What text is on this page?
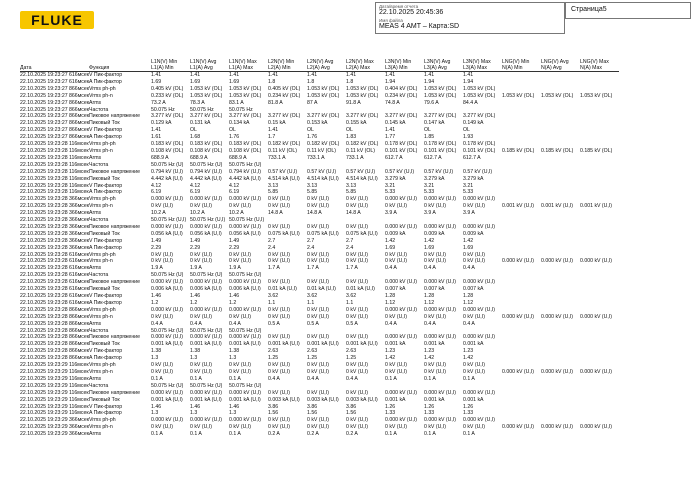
FLUKE
Дата/время отчета
22.10.2025 20:45:36
Имя файла
MEAS 4 AMT – Карта:SD
Страница5
Дата	Функция	L1N(V) Min L1(A) Min	L1N(V) Avg L1(A) Avg	L1N(V) Max L1(A) Max	L2N(V) Min L2(A) Min	L2N(V) Avg L2(A) Avg	L2N(V) Max L2(A) Max	L3N(V) Min L3(A) Min	L3N(V) Avg L3(A) Avg	L3N(V) Max L3(A) Max	LNG(V) Min N(A) Min	LNG(V) Avg N(A) Avg	LNG(V) Max N(A) Max
22.10.2025 19:23:27 616мсек	V Пик-фактор	1.41	1.41	1.41	1.41	1.41	1.41	1.41	1.41	1.41			
22.10.2025 19:23:27 616мсек	A Пик-фактор	1.69	1.69	1.69	1.8	1.8	1.8	1.94	1.94	1.94			
22.10.2025 19:23:27 866мсек	Vrms ph-ph	0.405 kV (OL)	1.053 kV (OL)	1.053 kV (OL)	0.405 kV (OL)	1.053 kV (OL)	1.053 kV (OL)	0.404 kV (OL)	1.053 kV (OL)	1.053 kV (OL)			
22.10.2025 19:23:27 866мсек	Vrms ph-n	0.233 kV (OL)	1.053 kV (OL)	1.053 kV (OL)	0.234 kV (OL)	1.053 kV (OL)	1.053 kV (OL)	0.234 kV (OL)	1.053 kV (OL)	1.053 kV (OL)	1.053 kV (OL)	1.053 kV (OL)	1.053 kV (OL)
22.10.2025 19:23:27 866мсек	Arms	73.2 A	78.3 A	83.1 A	81.8 A	87 A	91.8 A	74.8 A	79.6 A	84.4 A			
22.10.2025 19:23:27 866мсек	Частота	50.075 Hz	50.075 Hz	50.075 Hz									
22.10.2025 19:23:27 866мсек	Пиковое напряжение	3.277 kV (OL)	3.277 kV (OL)	3.277 kV (OL)	3.277 kV (OL)	3.277 kV (OL)	3.277 kV (OL)	3.277 kV (OL)	3.277 kV (OL)	3.277 kV (OL)			
22.10.2025 19:23:27 866мсек	Пиковый Ток	0.129 kA	0.131 kA	0.134 kA	0.15 kA	0.153 kA	0.155 kA	0.145 kA	0.147 kA	0.149 kA			
22.10.2025 19:23:27 866мсек	V Пик-фактор	1.41	OL	OL	1.41	OL	OL	1.41	OL	OL			
22.10.2025 19:23:27 866мсек	A Пик-фактор	1.61	1.68	1.76	1.7	1.76	1.83	1.77	1.85	1.93			
22.10.2025 19:23:28 116мсек	Vrms ph-ph	0.183 kV (OL)	0.183 kV (OL)	0.183 kV (OL)	0.182 kV (OL)	0.182 kV (OL)	0.182 kV (OL)	0.178 kV (OL)	0.178 kV (OL)	0.178 kV (OL)			
22.10.2025 19:23:28 116мсек	Vrms ph-n	0.108 kV (OL)	0.108 kV (OL)	0.108 kV (OL)	0.11 kV (OL)	0.11 kV (OL)	0.11 kV (OL)	0.101 kV (OL)	0.101 kV (OL)	0.101 kV (OL)	0.185 kV (OL)	0.185 kV (OL)	0.185 kV (OL)
22.10.2025 19:23:28 116мсек	Arms	688.9 A	688.9 A	688.9 A	733.1 A	733.1 A	733.1 A	612.7 A	612.7 A	612.7 A			
22.10.2025 19:23:28 116мсек	Частота	50.075 Hz (U)	50.075 Hz (U)	50.075 Hz (U)									
22.10.2025 19:23:28 116мсек	Пиковое напряжение	0.794 kV (U,I)	0.794 kV (U,I)	0.794 kV (U,I)	0.57 kV (U,I)	0.57 kV (U,I)	0.57 kV (U,I)	0.57 kV (U,I)	0.57 kV (U,I)	0.57 kV (U,I)			
22.10.2025 19:23:28 116мсек	Пиковый Ток	4.442 kA (U,I)	4.442 kA (U,I)	4.442 kA (U,I)	4.514 kA (U,I)	4.514 kA (U,I)	4.514 kA (U,I)	3.279 kA	3.279 kA	3.279 kA			
22.10.2025 19:23:28 116мсек	V Пик-фактор	4.12	4.12	4.12	3.13	3.13	3.13	3.21	3.21	3.21			
22.10.2025 19:23:28 116мсек	A Пик-фактор	6.19	6.19	6.19	5.85	5.85	5.85	5.33	5.33	5.33			
22.10.2025 19:23:28 366мсек	Vrms ph-ph	0.000 kV (U,I)	0.000 kV (U,I)	0.000 kV (U,I)	0 kV (U,I)	0 kV (U,I)	0 kV (U,I)	0.000 kV (U,I)	0.000 kV (U,I)	0.000 kV (U,I)			
22.10.2025 19:23:28 366мсек	Vrms ph-n	0 kV (U,I)	0 kV (U,I)	0 kV (U,I)	0 kV (U,I)	0 kV (U,I)	0 kV (U,I)	0 kV (U,I)	0 kV (U,I)	0 kV (U,I)	0.001 kV (U,I)	0.001 kV (U,I)	0.001 kV (U,I)
22.10.2025 19:23:28 366мсек	Arms	10.2 A	10.2 A	10.2 A	14.8 A	14.8 A	14.8 A	3.9 A	3.9 A	3.9 A			
22.10.2025 19:23:28 366мсек	Частота	50.075 Hz (U,I)	50.075 Hz (U,I)	50.075 Hz (U,I)									
22.10.2025 19:23:28 366мсек	Пиковое напряжение	0.000 kV (U,I)	0.000 kV (U,I)	0.000 kV (U,I)	0 kV (U,I)	0 kV (U,I)	0 kV (U,I)	0.000 kV (U,I)	0.000 kV (U,I)	0.000 kV (U,I)			
22.10.2025 19:23:28 366мсек	Пиковый Ток	0.056 kA (U,I)	0.056 kA (U,I)	0.056 kA (U,I)	0.075 kA (U,I)	0.075 kA (U,I)	0.075 kA (U,I)	0.009 kA	0.009 kA	0.009 kA			
22.10.2025 19:23:28 366мсек	V Пик-фактор	1.49	1.49	1.49	2.7	2.7	2.7	1.42	1.42	1.42			
22.10.2025 19:23:28 366мсек	A Пик-фактор	2.29	2.29	2.29	2.4	2.4	2.4	1.69	1.69	1.69			
22.10.2025 19:23:28 616мсек	Vrms ph-ph	0 kV (U,I)	0 kV (U,I)	0 kV (U,I)	0 kV (U,I)	0 kV (U,I)	0 kV (U,I)	0 kV (U,I)	0 kV (U,I)	0 kV (U,I)			
22.10.2025 19:23:28 616мсек	Vrms ph-n	0 kV (U,I)	0 kV (U,I)	0 kV (U,I)	0 kV (U,I)	0 kV (U,I)	0 kV (U,I)	0 kV (U,I)	0 kV (U,I)	0 kV (U,I)	0.000 kV (U,I)	0.000 kV (U,I)	0.000 kV (U,I)
22.10.2025 19:23:28 616мсек	Arms	1.9 A	1.9 A	1.9 A	1.7 A	1.7 A	1.7 A	0.4 A	0.4 A	0.4 A			
22.10.2025 19:23:28 616мсек	Частота	50.075 Hz (U)	50.075 Hz (U)	50.075 Hz (U)									
22.10.2025 19:23:28 616мсек	Пиковое напряжение	0.000 kV (U,I)	0.000 kV (U,I)	0.000 kV (U,I)	0 kV (U,I)	0 kV (U,I)	0 kV (U,I)	0.000 kV (U,I)	0.000 kV (U,I)	0.000 kV (U,I)			
22.10.2025 19:23:28 616мсек	Пиковый Ток	0.006 kA (U,I)	0.006 kA (U,I)	0.006 kA (U,I)	0.01 kA (U,I)	0.01 kA (U,I)	0.01 kA (U,I)	0.007 kA	0.007 kA	0.007 kA			
22.10.2025 19:23:28 616мсек	V Пик-фактор	1.46	1.46	1.46	3.62	3.62	3.62	1.28	1.28	1.28			
22.10.2025 19:23:28 616мсек	A Пик-фактор	1.2	1.2	1.2	1.1	1.1	1.1	1.12	1.12	1.12			
22.10.2025 19:23:28 866мсек	Vrms ph-ph	0.000 kV (U,I)	0.000 kV (U,I)	0.000 kV (U,I)	0 kV (U,I)	0 kV (U,I)	0 kV (U,I)	0.000 kV (U,I)	0.000 kV (U,I)	0.000 kV (U,I)			
22.10.2025 19:23:28 866мсек	Vrms ph-n	0 kV (U,I)	0 kV (U,I)	0 kV (U,I)	0 kV (U,I)	0 kV (U,I)	0 kV (U,I)	0 kV (U,I)	0 kV (U,I)	0 kV (U,I)	0.000 kV (U,I)	0.000 kV (U,I)	0.000 kV (U,I)
22.10.2025 19:23:28 866мсек	Arms	0.4 A	0.4 A	0.4 A	0.5 A	0.5 A	0.5 A	0.4 A	0.4 A	0.4 A			
22.10.2025 19:23:28 866мсек	Частота	50.075 Hz (U)	50.075 Hz (U)	50.075 Hz (U)									
22.10.2025 19:23:28 866мсек	Пиковое напряжение	0.000 kV (U,I)	0.000 kV (U,I)	0.000 kV (U,I)	0 kV (U,I)	0 kV (U,I)	0 kV (U,I)	0.000 kV (U,I)	0.000 kV (U,I)	0.000 kV (U,I)			
22.10.2025 19:23:28 866мсек	Пиковый Ток	0.001 kA (U,I)	0.001 kA (U,I)	0.001 kA (U,I)	0.001 kA (U,I)	0.001 kA (U,I)	0.001 kA (U,I)	0.001 kA	0.001 kA	0.001 kA			
22.10.2025 19:23:28 866мсек	V Пик-фактор	1.38	1.38	1.38	2.63	2.63	2.63	1.23	1.23	1.23			
22.10.2025 19:23:28 866мсек	A Пик-фактор	1.3	1.3	1.3	1.25	1.25	1.25	1.42	1.42	1.42			
22.10.2025 19:23:29 116мсек	Vrms ph-ph	0 kV (U,I)	0 kV (U,I)	0 kV (U,I)	0 kV (U,I)	0 kV (U,I)	0 kV (U,I)	0 kV (U,I)	0 kV (U,I)	0 kV (U,I)			
22.10.2025 19:23:29 116мсек	Vrms ph-n	0 kV (U,I)	0 kV (U,I)	0 kV (U,I)	0 kV (U,I)	0 kV (U,I)	0 kV (U,I)	0 kV (U,I)	0 kV (U,I)	0 kV (U,I)	0.000 kV (U,I)	0.000 kV (U,I)	0.000 kV (U,I)
22.10.2025 19:23:29 116мсек	Arms	0.1 A	0.1 A	0.1 A	0.4 A	0.4 A	0.4 A	0.1 A	0.1 A	0.1 A			
22.10.2025 19:23:29 116мсек	Частота	50.075 Hz (U)	50.075 Hz (U)	50.075 Hz (U)									
22.10.2025 19:23:29 116мсек	Пиковое напряжение	0.000 kV (U,I)	0.000 kV (U,I)	0.000 kV (U,I)	0 kV (U,I)	0 kV (U,I)	0 kV (U,I)	0.000 kV (U,I)	0.000 kV (U,I)	0.000 kV (U,I)			
22.10.2025 19:23:29 116мсек	Пиковый Ток	0.001 kA (U,I)	0.001 kA (U,I)	0.001 kA (U,I)	0.003 kA (U,I)	0.003 kA (U,I)	0.003 kA (U,I)	0.001 kA	0.001 kA	0.001 kA			
22.10.2025 19:23:29 116мсек	V Пик-фактор	1.46	1.46	1.46	3.86	3.86	3.86	1.26	1.26	1.26			
22.10.2025 19:23:29 116мсек	A Пик-фактор	1.3	1.3	1.3	1.56	1.56	1.56	1.33	1.33	1.33			
22.10.2025 19:23:29 366мсек	Vrms ph-ph	0.000 kV (U,I)	0.000 kV (U,I)	0.000 kV (U,I)	0 kV (U,I)	0 kV (U,I)	0 kV (U,I)	0.000 kV (U,I)	0.000 kV (U,I)	0.000 kV (U,I)			
22.10.2025 19:23:29 366мсек	Vrms ph-n	0 kV (U,I)	0 kV (U,I)	0 kV (U,I)	0 kV (U,I)	0 kV (U,I)	0 kV (U,I)	0 kV (U,I)	0 kV (U,I)	0 kV (U,I)	0.000 kV (U,I)	0.000 kV (U,I)	0.000 kV (U,I)
22.10.2025 19:23:29 366мсек	Arms	0.1 A	0.1 A	0.1 A	0.2 A	0.2 A	0.2 A	0.1 A	0.1 A	0.1 A			
